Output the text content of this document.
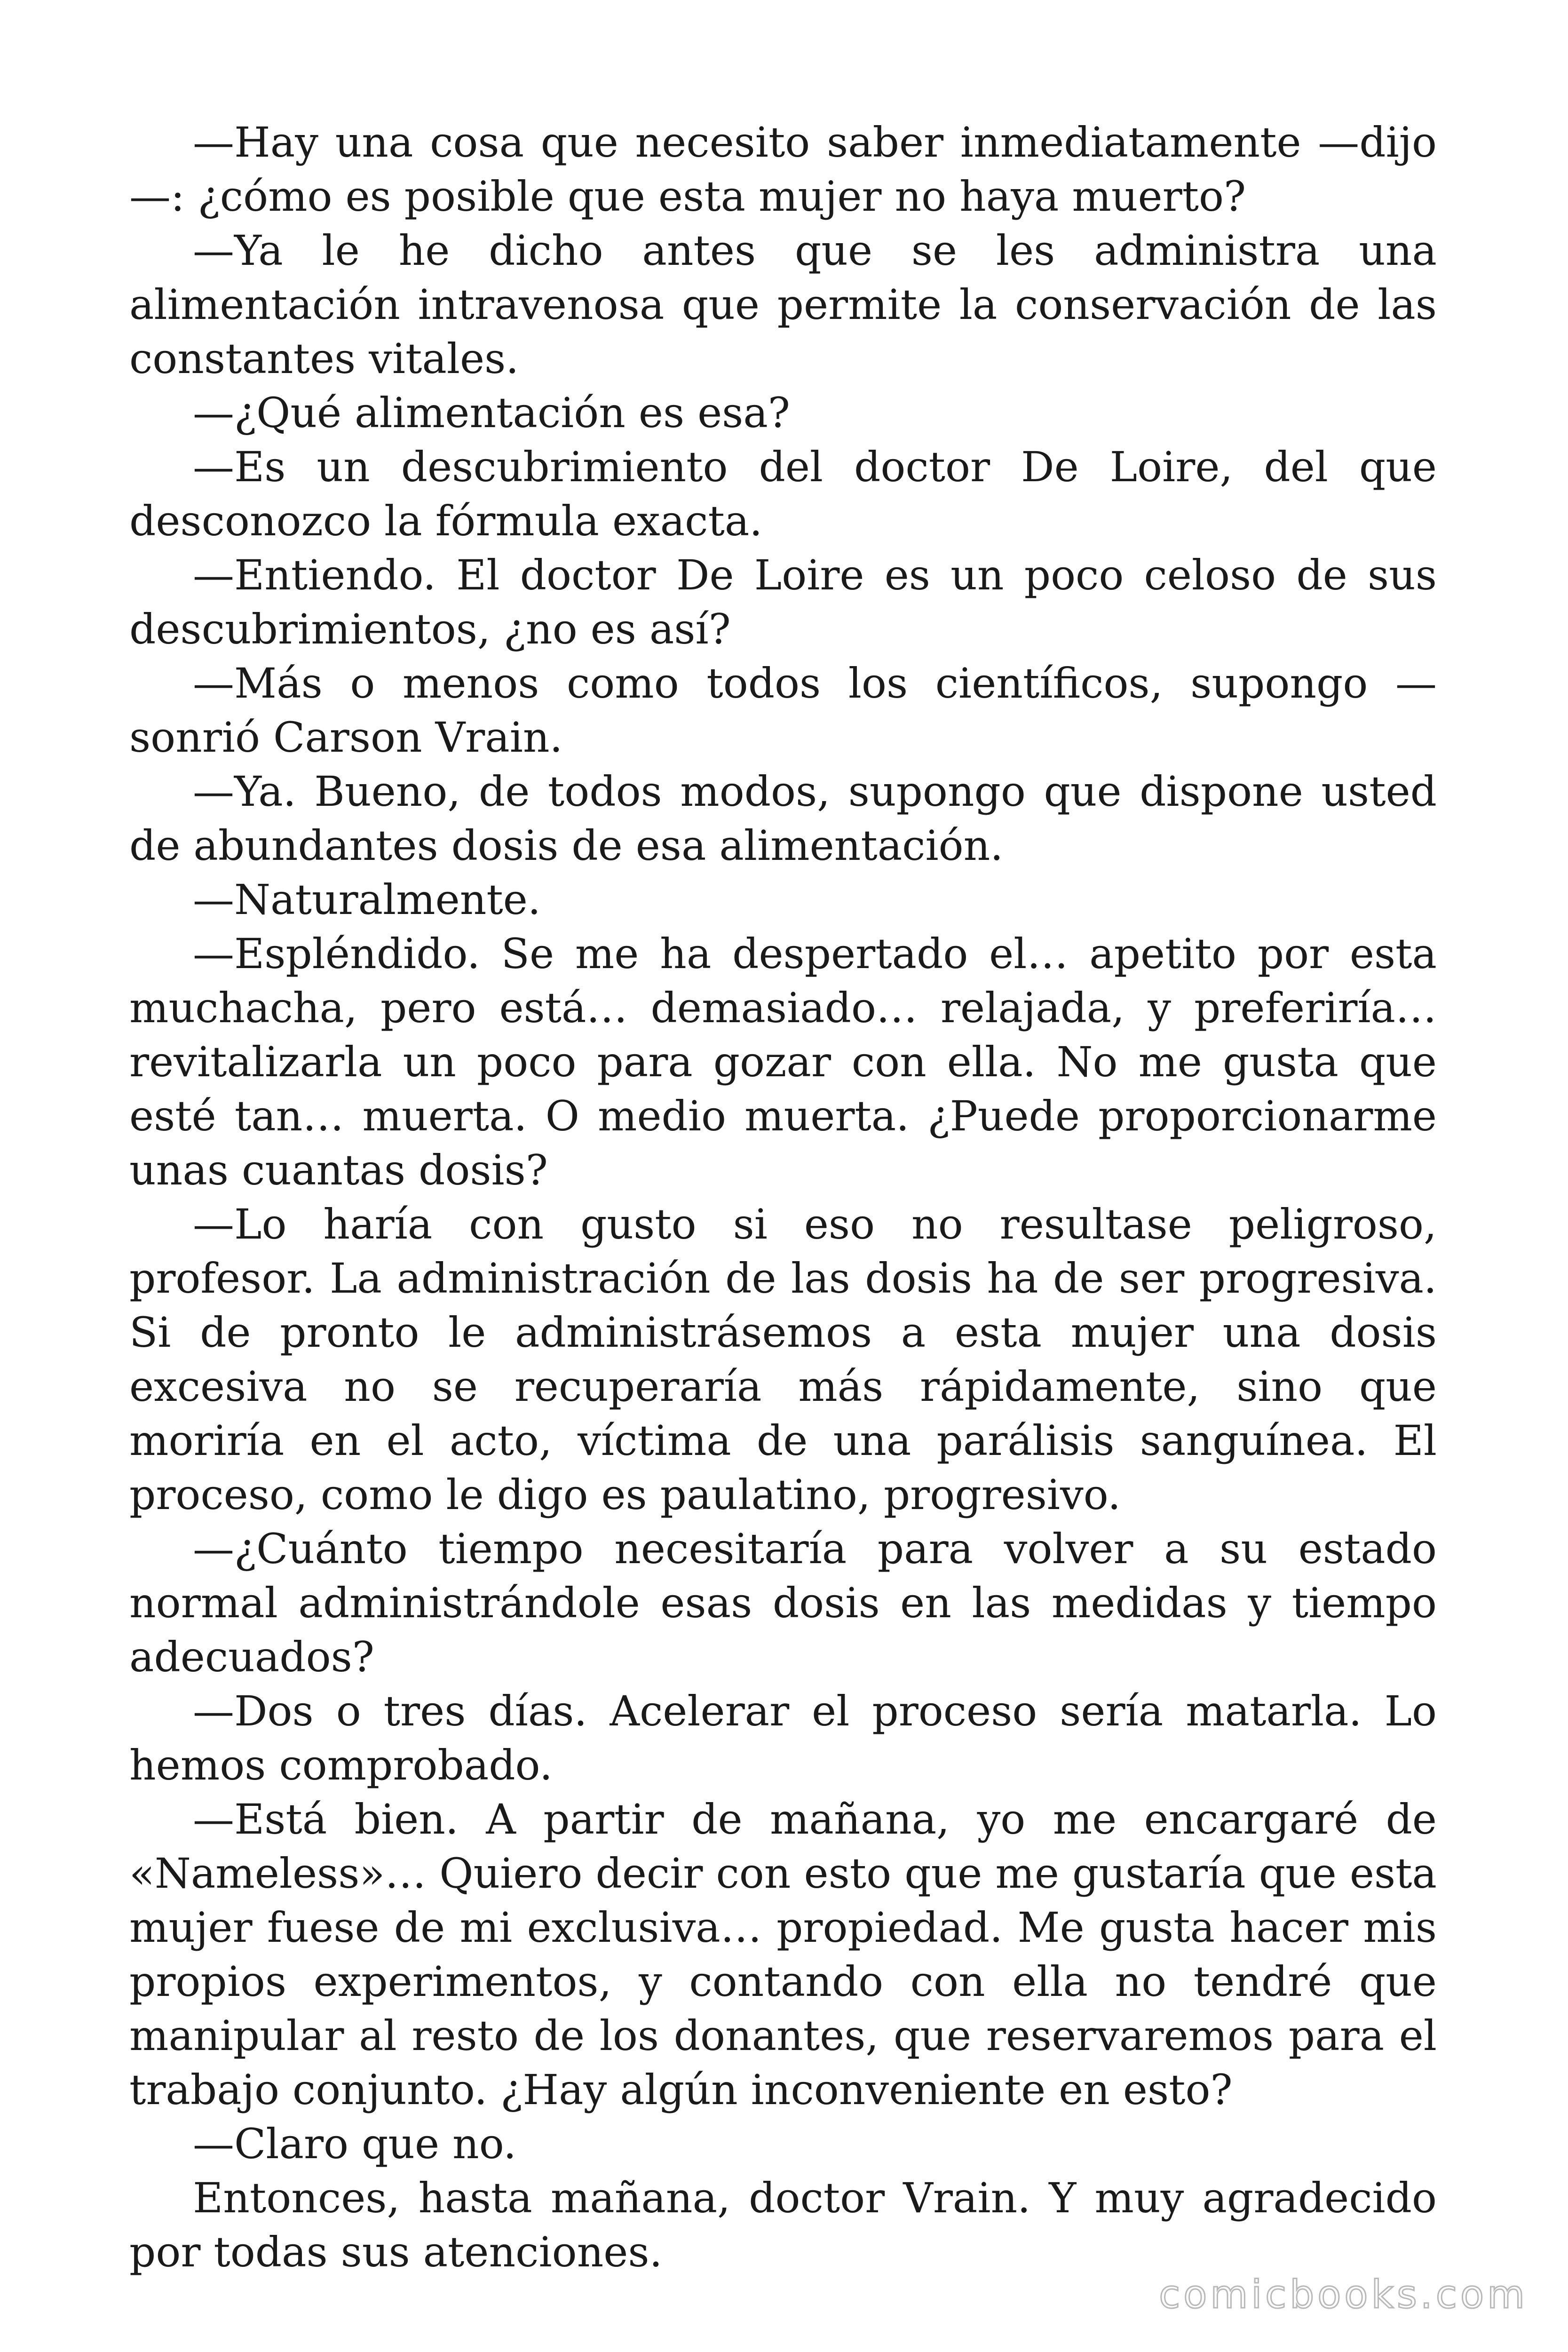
—Hay una cosa que necesito saber inmediatamente —dijo—: ¿cómo es posible que esta mujer no haya muerto?

—Ya le he dicho antes que se les administra una alimentación intravenosa que permite la conservación de las constantes vitales.

—¿Qué alimentación es esa?

—Es un descubrimiento del doctor De Loire, del que desconozco la fórmula exacta.

—Entiendo. El doctor De Loire es un poco celoso de sus descubrimientos, ¿no es así?

—Más o menos como todos los científicos, supongo —sonrió Carson Vrain.

—Ya. Bueno, de todos modos, supongo que dispone usted de abundantes dosis de esa alimentación.

—Naturalmente.

—Espléndido. Se me ha despertado el… apetito por esta muchacha, pero está… demasiado… relajada, y preferiría… revitalizarla un poco para gozar con ella. No me gusta que esté tan… muerta. O medio muerta. ¿Puede proporcionarme unas cuantas dosis?

—Lo haría con gusto si eso no resultase peligroso, profesor. La administración de las dosis ha de ser progresiva. Si de pronto le administrásemos a esta mujer una dosis excesiva no se recuperaría más rápidamente, sino que moriría en el acto, víctima de una parálisis sanguínea. El proceso, como le digo es paulatino, progresivo.

—¿Cuánto tiempo necesitaría para volver a su estado normal administrándole esas dosis en las medidas y tiempo adecuados?

—Dos o tres días. Acelerar el proceso sería matarla. Lo hemos comprobado.

—Está bien. A partir de mañana, yo me encargaré de «Nameless»… Quiero decir con esto que me gustaría que esta mujer fuese de mi exclusiva… propiedad. Me gusta hacer mis propios experimentos, y contando con ella no tendré que manipular al resto de los donantes, que reservaremos para el trabajo conjunto. ¿Hay algún inconveniente en esto?

—Claro que no.

Entonces, hasta mañana, doctor Vrain. Y muy agradecido por todas sus atenciones.

comicbooks.com
